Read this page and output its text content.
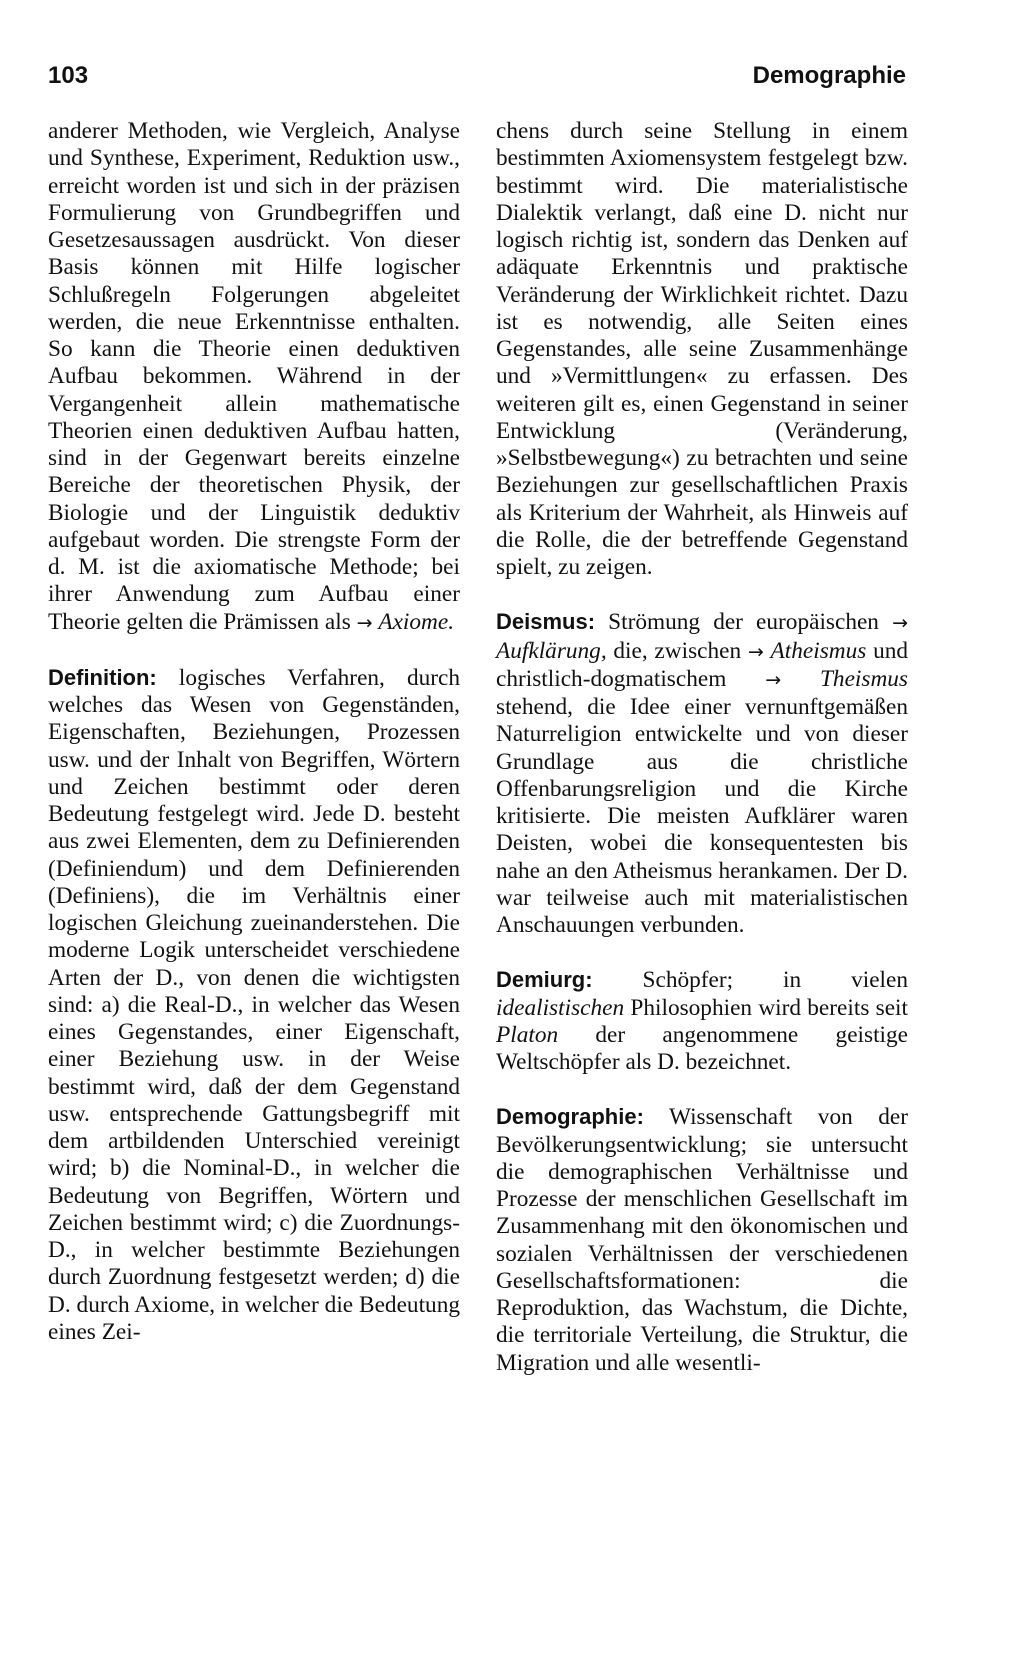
103	Demographie

anderer Methoden, wie Vergleich, Analyse und Synthese, Experiment, Reduktion usw., erreicht worden ist und sich in der präzisen Formulierung von Grundbegriffen und Gesetzesaussagen ausdrückt. Von dieser Basis können mit Hilfe logischer Schlußregeln Folgerungen abgeleitet werden, die neue Erkenntnisse enthalten. So kann die Theorie einen deduktiven Aufbau bekommen. Während in der Vergangenheit allein mathematische Theorien einen deduktiven Aufbau hatten, sind in der Gegenwart bereits einzelne Bereiche der theoretischen Physik, der Biologie und der Linguistik deduktiv aufgebaut worden. Die strengste Form der d. M. ist die axiomatische Methode; bei ihrer Anwendung zum Aufbau einer Theorie gelten die Prämissen als → Axiome.

Definition: logisches Verfahren, durch welches das Wesen von Gegenständen, Eigenschaften, Beziehungen, Prozessen usw. und der Inhalt von Begriffen, Wörtern und Zeichen bestimmt oder deren Bedeutung festgelegt wird. Jede D. besteht aus zwei Elementen, dem zu Definierenden (Definiendum) und dem Definierenden (Definiens), die im Verhältnis einer logischen Gleichung zueinanderstehen. Die moderne Logik unterscheidet verschiedene Arten der D., von denen die wichtigsten sind: a) die Real-D., in welcher das Wesen eines Gegenstandes, einer Eigenschaft, einer Beziehung usw. in der Weise bestimmt wird, daß der dem Gegenstand usw. entsprechende Gattungsbegriff mit dem artbildenden Unterschied vereinigt wird; b) die Nominal-D., in welcher die Bedeutung von Begriffen, Wörtern und Zeichen bestimmt wird; c) die Zuordnungs-D., in welcher bestimmte Beziehungen durch Zuordnung festgesetzt werden; d) die D. durch Axiome, in welcher die Bedeutung eines Zei-

chens durch seine Stellung in einem bestimmten Axiomensystem festgelegt bzw. bestimmt wird. Die materialistische Dialektik verlangt, daß eine D. nicht nur logisch richtig ist, sondern das Denken auf adäquate Erkenntnis und praktische Veränderung der Wirklichkeit richtet. Dazu ist es notwendig, alle Seiten eines Gegenstandes, alle seine Zusammenhänge und »Vermittlungen« zu erfassen. Des weiteren gilt es, einen Gegenstand in seiner Entwicklung (Veränderung, »Selbstbewegung«) zu betrachten und seine Beziehungen zur gesellschaftlichen Praxis als Kriterium der Wahrheit, als Hinweis auf die Rolle, die der betreffende Gegenstand spielt, zu zeigen.

Deismus: Strömung der europäischen → Aufklärung, die, zwischen → Atheismus und christlich-dogmatischem → Theismus stehend, die Idee einer vernunftgemäßen Naturreligion entwickelte und von dieser Grundlage aus die christliche Offenbarungsreligion und die Kirche kritisierte. Die meisten Aufklärer waren Deisten, wobei die konsequentesten bis nahe an den Atheismus herankamen. Der D. war teilweise auch mit materialistischen Anschauungen verbunden.

Demiurg: Schöpfer; in vielen idealistischen Philosophien wird bereits seit Platon der angenommene geistige Weltschöpfer als D. bezeichnet.

Demographie: Wissenschaft von der Bevölkerungsentwicklung; sie untersucht die demographischen Verhältnisse und Prozesse der menschlichen Gesellschaft im Zusammenhang mit den ökonomischen und sozialen Verhältnissen der verschiedenen Gesellschaftsformationen: die Reproduktion, das Wachstum, die Dichte, die territoriale Verteilung, die Struktur, die Migration und alle wesentli-
